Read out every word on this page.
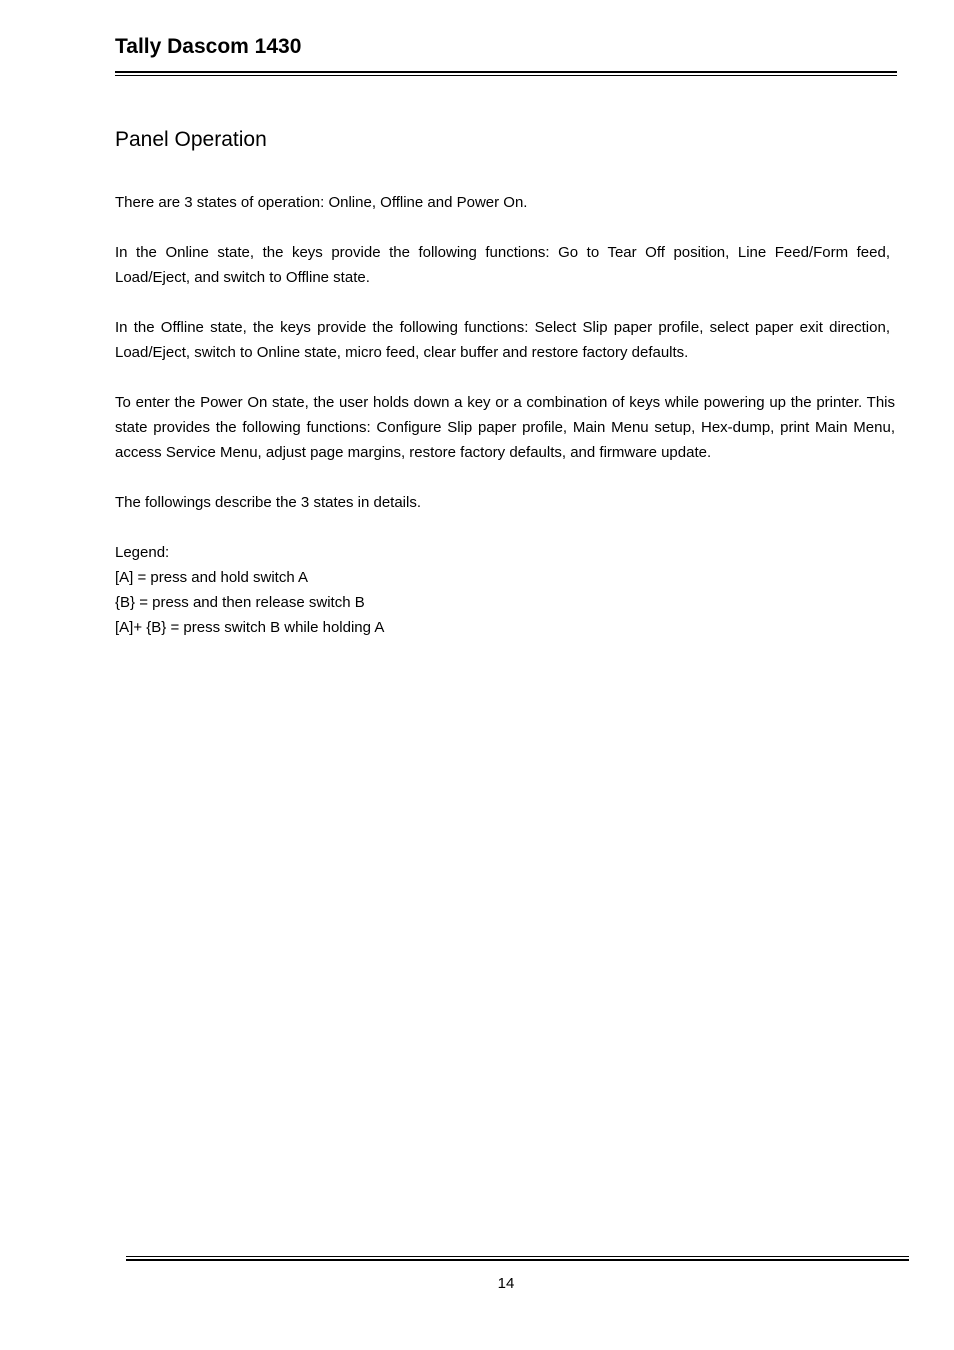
Tally Dascom 1430
Panel Operation

There are 3 states of operation: Online, Offline and Power On.

In the Online state, the keys provide the following functions: Go to Tear Off position, Line Feed/Form feed, Load/Eject, and switch to Offline state.

In the Offline state, the keys provide the following functions: Select Slip paper profile, select paper exit direction, Load/Eject, switch to Online state, micro feed, clear buffer and restore factory defaults.

To enter the Power On state, the user holds down a key or a combination of keys while powering up the printer. This state provides the following functions: Configure Slip paper profile, Main Menu setup, Hex-dump, print Main Menu, access Service Menu, adjust page margins, restore factory defaults, and firmware update.

The followings describe the 3 states in details.

Legend:

[A] = press and hold switch A

{B} = press and then release switch B

[A]+ {B} = press switch B while holding A

14
